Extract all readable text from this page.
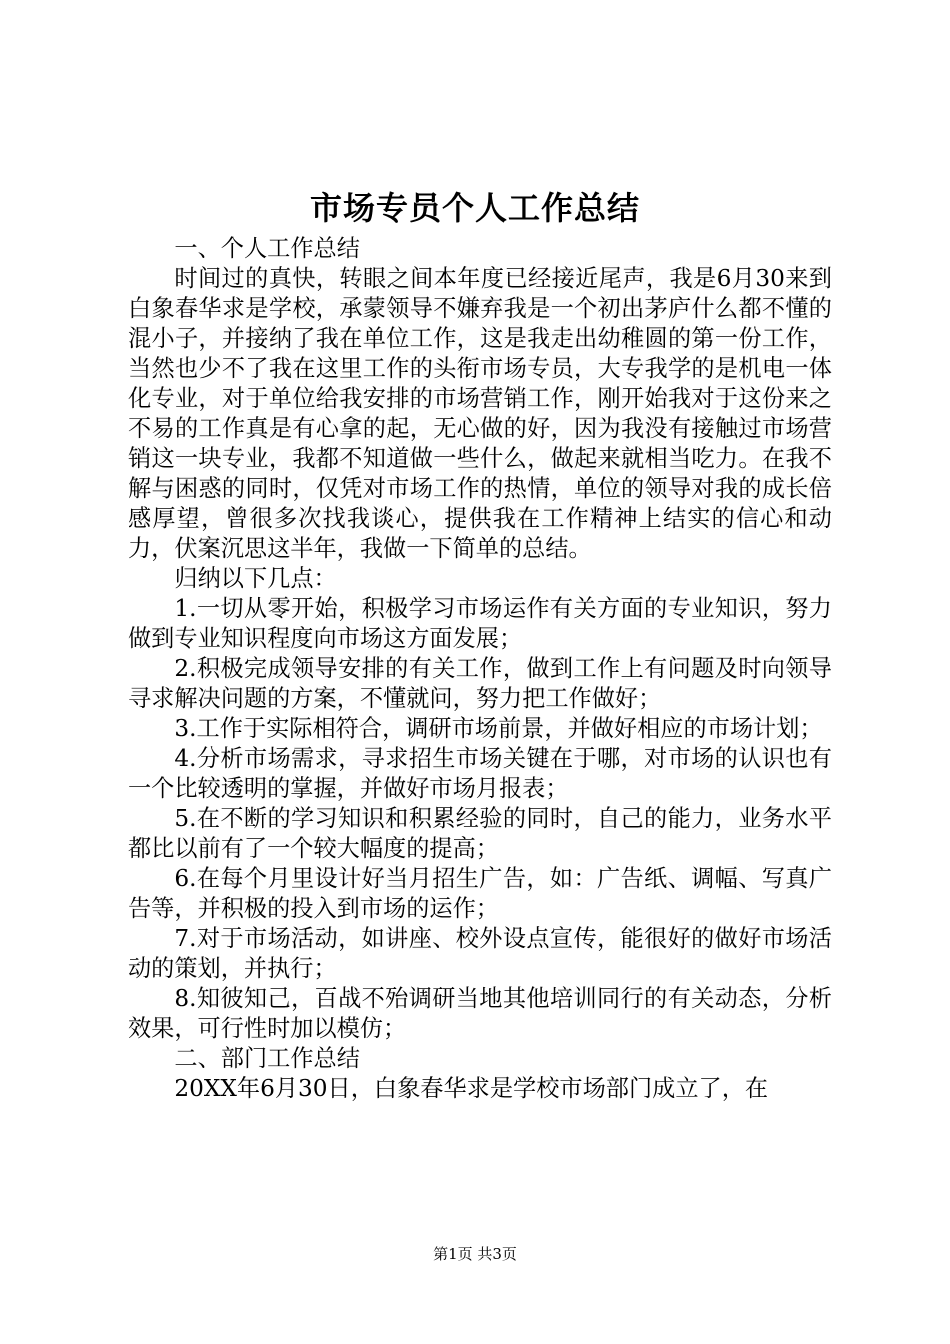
市场专员个人工作总结

一、个人工作总结

时间过的真快，转眼之间本年度已经接近尾声，我是6月30来到白象春华求是学校，承蒙领导不嫌弃我是一个初出茅庐什么都不懂的混小子，并接纳了我在单位工作，这是我走出幼稚圆的第一份工作，当然也少不了我在这里工作的头衔市场专员，大专我学的是机电一体化专业，对于单位给我安排的市场营销工作，刚开始我对于这份来之不易的工作真是有心拿的起，无心做的好，因为我没有接触过市场营销这一块专业，我都不知道做一些什么，做起来就相当吃力。在我不解与困惑的同时，仅凭对市场工作的热情，单位的领导对我的成长倍感厚望，曾很多次找我谈心，提供我在工作精神上结实的信心和动力，伏案沉思这半年，我做一下简单的总结。

归纳以下几点：

1.一切从零开始，积极学习市场运作有关方面的专业知识，努力做到专业知识程度向市场这方面发展；

2.积极完成领导安排的有关工作，做到工作上有问题及时向领导寻求解决问题的方案，不懂就问，努力把工作做好；

3.工作于实际相符合，调研市场前景，并做好相应的市场计划；

4.分析市场需求，寻求招生市场关键在于哪，对市场的认识也有一个比较透明的掌握，并做好市场月报表；

5.在不断的学习知识和积累经验的同时，自己的能力，业务水平都比以前有了一个较大幅度的提高；

6.在每个月里设计好当月招生广告，如：广告纸、调幅、写真广告等，并积极的投入到市场的运作；

7.对于市场活动，如讲座、校外设点宣传，能很好的做好市场活动的策划，并执行；

8.知彼知己，百战不殆调研当地其他培训同行的有关动态，分析效果，可行性时加以模仿；

二、部门工作总结

20XX年6月30日，白象春华求是学校市场部门成立了，在

第1页 共3页
